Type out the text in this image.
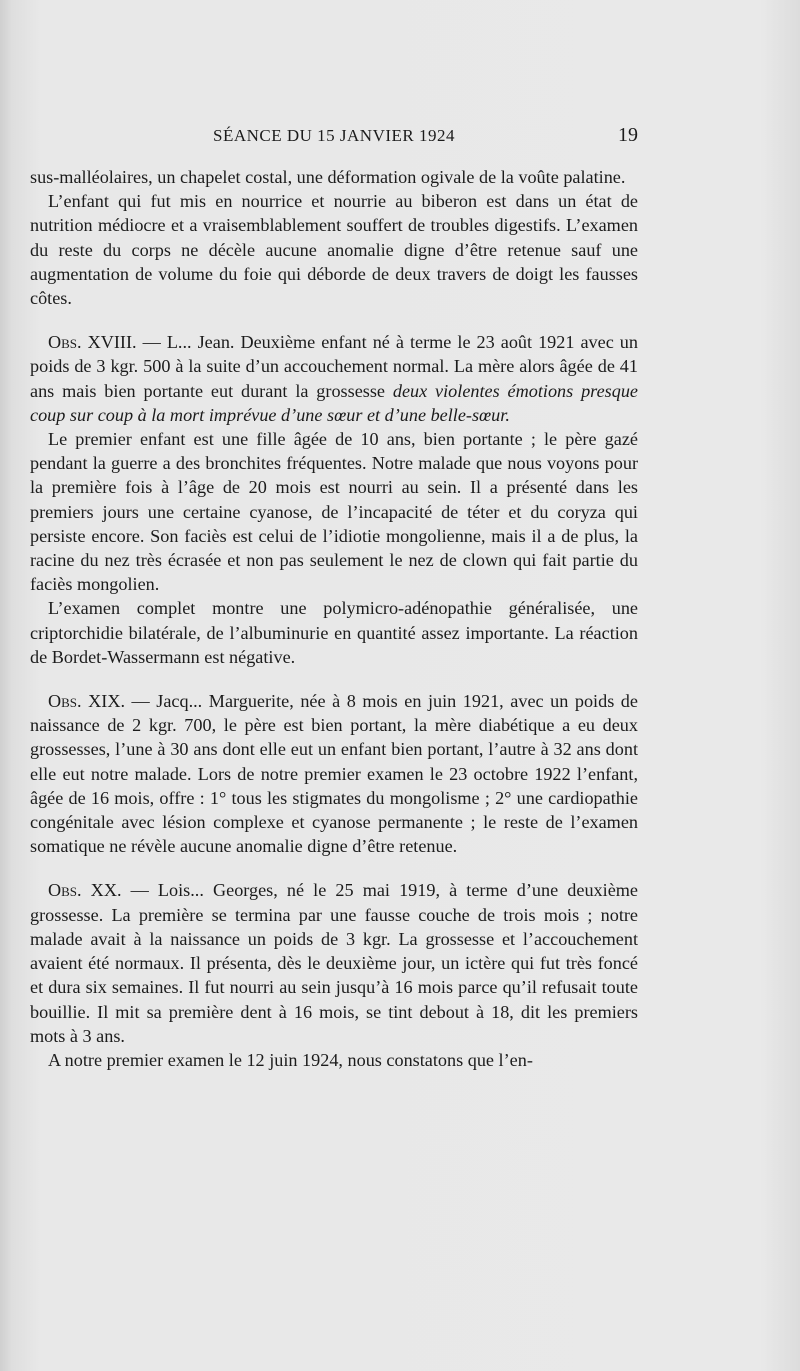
SÉANCE DU 15 JANVIER 1924	19

sus-malléolaires, un chapelet costal, une déformation ogivale de la voûte palatine.

L’enfant qui fut mis en nourrice et nourrie au biberon est dans un état de nutrition médiocre et a vraisemblablement souffert de troubles digestifs. L’examen du reste du corps ne décèle aucune anomalie digne d’être retenue sauf une augmentation de volume du foie qui déborde de deux travers de doigt les fausses côtes.

Obs. XVIII. — L... Jean. Deuxième enfant né à terme le 23 août 1921 avec un poids de 3 kgr. 500 à la suite d’un accouchement normal. La mère alors âgée de 41 ans mais bien portante eut durant la grossesse deux violentes émotions presque coup sur coup à la mort imprévue d’une sœur et d’une belle-sœur.

Le premier enfant est une fille âgée de 10 ans, bien portante ; le père gazé pendant la guerre a des bronchites fréquentes. Notre malade que nous voyons pour la première fois à l’âge de 20 mois est nourri au sein. Il a présenté dans les premiers jours une certaine cyanose, de l’incapacité de téter et du coryza qui persiste encore. Son faciès est celui de l’idiotie mongolienne, mais il a de plus, la racine du nez très écrasée et non pas seulement le nez de clown qui fait partie du faciès mongolien.

L’examen complet montre une polymicro-adénopathie généralisée, une criptorchidie bilatérale, de l’albuminurie en quantité assez importante. La réaction de Bordet-Wassermann est négative.

Obs. XIX. — Jacq... Marguerite, née à 8 mois en juin 1921, avec un poids de naissance de 2 kgr. 700, le père est bien portant, la mère diabétique a eu deux grossesses, l’une à 30 ans dont elle eut un enfant bien portant, l’autre à 32 ans dont elle eut notre malade. Lors de notre premier examen le 23 octobre 1922 l’enfant, âgée de 16 mois, offre : 1° tous les stigmates du mongolisme ; 2° une cardiopathie congénitale avec lésion complexe et cyanose permanente ; le reste de l’examen somatique ne révèle aucune anomalie digne d’être retenue.

Obs. XX. — Lois... Georges, né le 25 mai 1919, à terme d’une deuxième grossesse. La première se termina par une fausse couche de trois mois ; notre malade avait à la naissance un poids de 3 kgr. La grossesse et l’accouchement avaient été normaux. Il présenta, dès le deuxième jour, un ictère qui fut très foncé et dura six semaines. Il fut nourri au sein jusqu’à 16 mois parce qu’il refusait toute bouillie. Il mit sa première dent à 16 mois, se tint debout à 18, dit les premiers mots à 3 ans.

A notre premier examen le 12 juin 1924, nous constatons que l’en-
